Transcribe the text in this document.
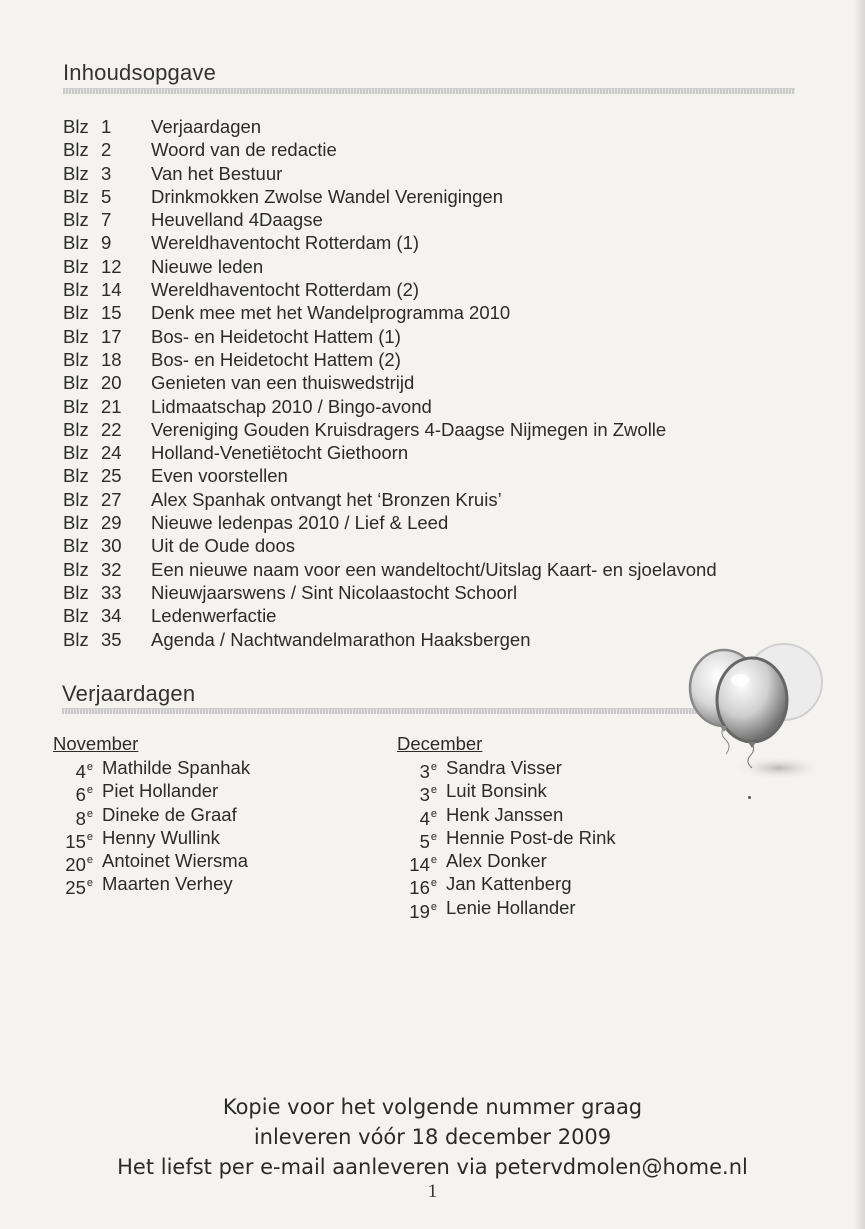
Inhoudsopgave
Blz 1	Verjaardagen
Blz 2	Woord van de redactie
Blz 3	Van het Bestuur
Blz 5	Drinkmokken Zwolse Wandel Verenigingen
Blz 7	Heuvelland 4Daagse
Blz 9	Wereldhaventocht Rotterdam (1)
Blz 12	Nieuwe leden
Blz 14	Wereldhaventocht Rotterdam (2)
Blz 15	Denk mee met het Wandelprogramma 2010
Blz 17	Bos- en Heidetocht Hattem (1)
Blz 18	Bos- en Heidetocht Hattem (2)
Blz 20	Genieten van een thuiswedstrijd
Blz 21	Lidmaatschap 2010 / Bingo-avond
Blz 22	Vereniging Gouden Kruisdragers 4-Daagse Nijmegen in Zwolle
Blz 24	Holland-Venetiëtocht Giethoorn
Blz 25	Even voorstellen
Blz 27	Alex Spanhak ontvangt het ‘Bronzen Kruis’
Blz 29	Nieuwe ledenpas 2010 / Lief & Leed
Blz 30	Uit de Oude doos
Blz 32	Een nieuwe naam voor een wandeltocht/Uitslag Kaart- en sjoelavond
Blz 33	Nieuwjaarswens / Sint Nicolaastocht Schoorl
Blz 34	Ledenwerfactie
Blz 35	Agenda / Nachtwandelmarathon Haaksbergen
Verjaardagen
November
4e Mathilde Spanhak
6e Piet Hollander
8e Dineke de Graaf
15e Henny Wullink
20e Antoinet Wiersma
25e Maarten Verhey
December
3e Sandra Visser
3e Luit Bonsink
4e Henk Janssen
5e Hennie Post-de Rink
14e Alex Donker
16e Jan Kattenberg
19e Lenie Hollander
Kopie voor het volgende nummer graag
inleveren vóór 18 december 2009
Het liefst per e-mail aanleveren via petervdmolen@home.nl
1
